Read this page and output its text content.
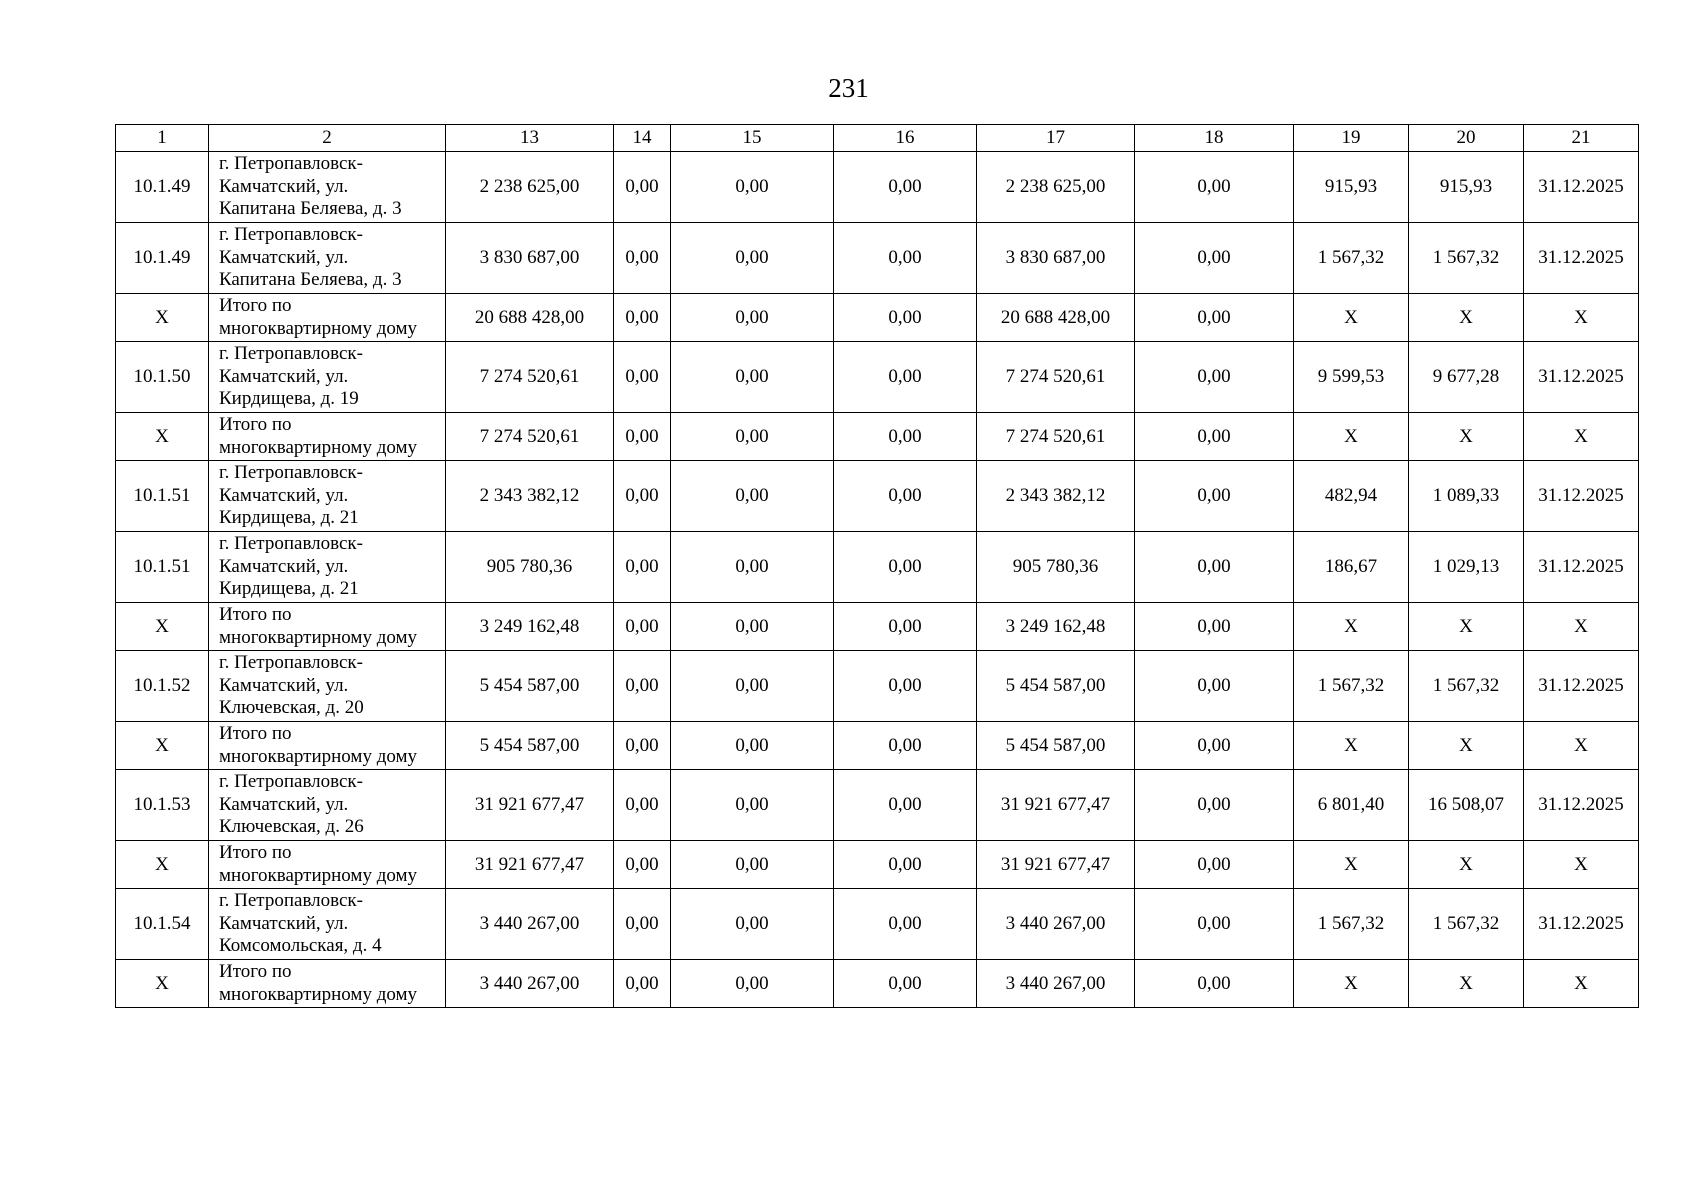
231
1	2	13	14	15	16	17	18	19	20	21
10.1.49	г. Петропавловск-
Камчатский, ул.
Капитана Беляева, д. 3	2 238 625,00	0,00	0,00	0,00	2 238 625,00	0,00	915,93	915,93	31.12.2025
10.1.49	г. Петропавловск-
Камчатский, ул.
Капитана Беляева, д. 3	3 830 687,00	0,00	0,00	0,00	3 830 687,00	0,00	1 567,32	1 567,32	31.12.2025
X	Итого по
многоквартирному дому	20 688 428,00	0,00	0,00	0,00	20 688 428,00	0,00	X	X	X
10.1.50	г. Петропавловск-
Камчатский, ул.
Кирдищева, д. 19	7 274 520,61	0,00	0,00	0,00	7 274 520,61	0,00	9 599,53	9 677,28	31.12.2025
X	Итого по
многоквартирному дому	7 274 520,61	0,00	0,00	0,00	7 274 520,61	0,00	X	X	X
10.1.51	г. Петропавловск-
Камчатский, ул.
Кирдищева, д. 21	2 343 382,12	0,00	0,00	0,00	2 343 382,12	0,00	482,94	1 089,33	31.12.2025
10.1.51	г. Петропавловск-
Камчатский, ул.
Кирдищева, д. 21	905 780,36	0,00	0,00	0,00	905 780,36	0,00	186,67	1 029,13	31.12.2025
X	Итого по
многоквартирному дому	3 249 162,48	0,00	0,00	0,00	3 249 162,48	0,00	X	X	X
10.1.52	г. Петропавловск-
Камчатский, ул.
Ключевская, д. 20	5 454 587,00	0,00	0,00	0,00	5 454 587,00	0,00	1 567,32	1 567,32	31.12.2025
X	Итого по
многоквартирному дому	5 454 587,00	0,00	0,00	0,00	5 454 587,00	0,00	X	X	X
10.1.53	г. Петропавловск-
Камчатский, ул.
Ключевская, д. 26	31 921 677,47	0,00	0,00	0,00	31 921 677,47	0,00	6 801,40	16 508,07	31.12.2025
X	Итого по
многоквартирному дому	31 921 677,47	0,00	0,00	0,00	31 921 677,47	0,00	X	X	X
10.1.54	г. Петропавловск-
Камчатский, ул.
Комсомольская, д. 4	3 440 267,00	0,00	0,00	0,00	3 440 267,00	0,00	1 567,32	1 567,32	31.12.2025
X	Итого по
многоквартирному дому	3 440 267,00	0,00	0,00	0,00	3 440 267,00	0,00	X	X	X
